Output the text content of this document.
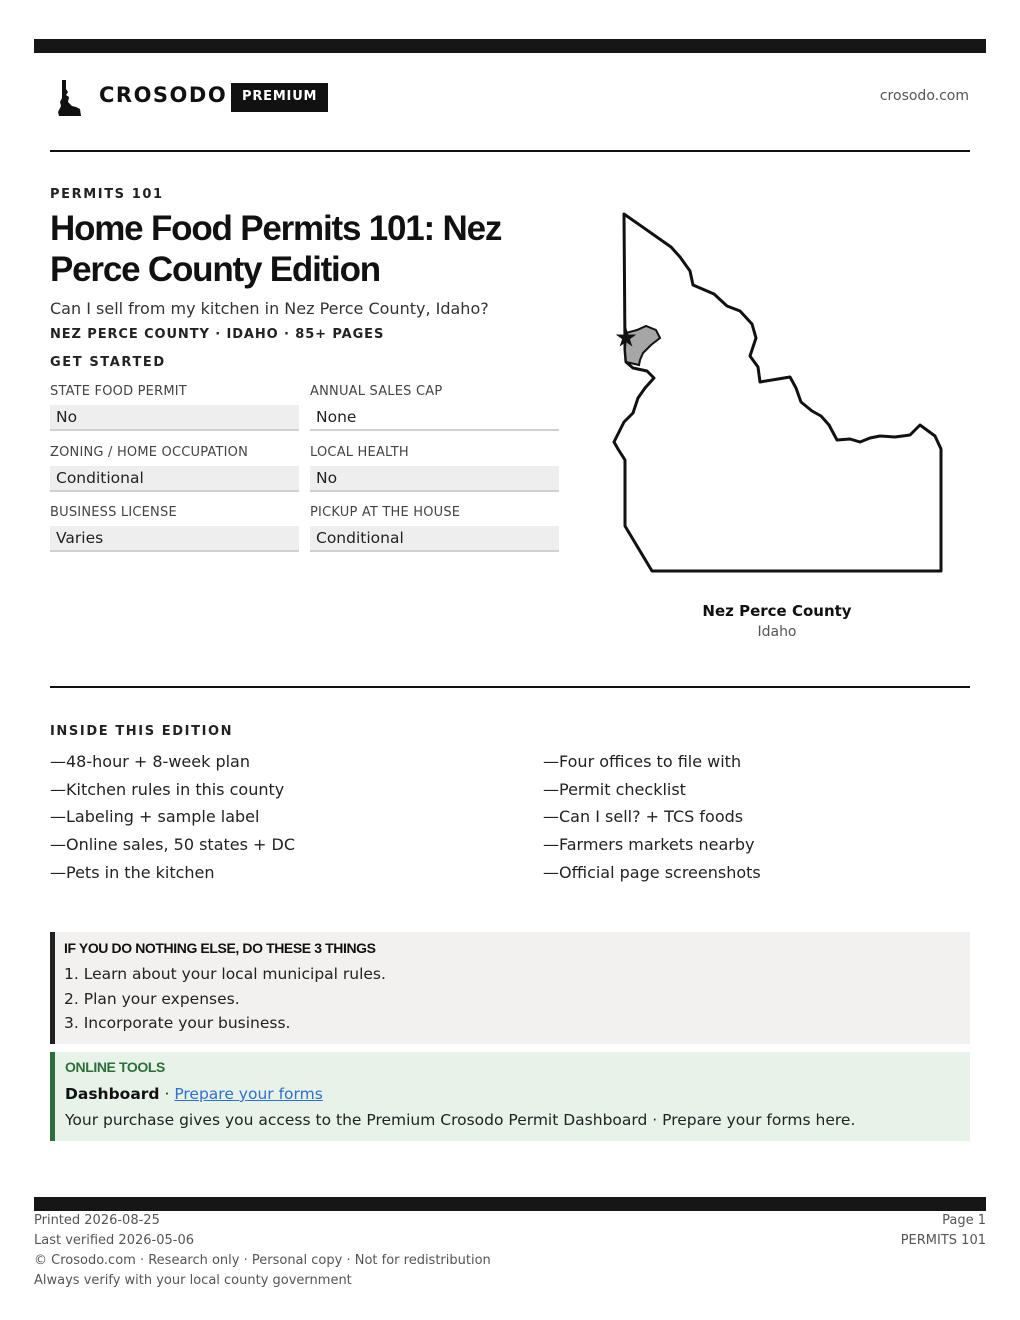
CROSODO	PREMIUM	crosodo.com
PERMITS 101
Home Food Permits 101: Nez Perce County Edition
Can I sell from my kitchen in Nez Perce County, Idaho?
NEZ PERCE COUNTY · IDAHO · 85+ PAGES
GET STARTED
STATE FOOD PERMIT
No
ANNUAL SALES CAP
None
ZONING / HOME OCCUPATION
Conditional
LOCAL HEALTH
No
BUSINESS LICENSE
Varies
PICKUP AT THE HOUSE
Conditional
Nez Perce County
Idaho
INSIDE THIS EDITION
—48-hour + 8-week plan
—Kitchen rules in this county
—Labeling + sample label
—Online sales, 50 states + DC
—Pets in the kitchen
—Four offices to file with
—Permit checklist
—Can I sell? + TCS foods
—Farmers markets nearby
—Official page screenshots
IF YOU DO NOTHING ELSE, DO THESE 3 THINGS
1. Learn about your local municipal rules.
2. Plan your expenses.
3. Incorporate your business.
ONLINE TOOLS
Dashboard · Prepare your forms
Your purchase gives you access to the Premium Crosodo Permit Dashboard · Prepare your forms here.
Printed 2026-08-25
Last verified 2026-05-06
© Crosodo.com · Research only · Personal copy · Not for redistribution
Always verify with your local county government
Page 1
PERMITS 101
